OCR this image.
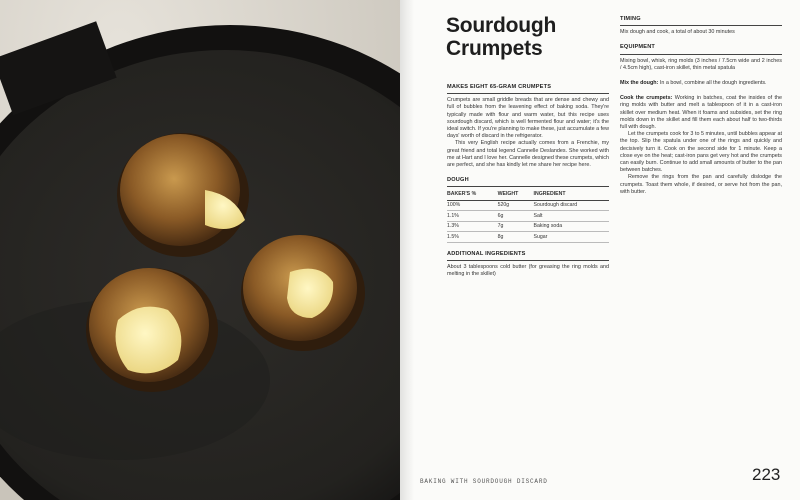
Sourdough
Crumpets
MAKES EIGHT 65-GRAM CRUMPETS

Crumpets are small griddle breads that are dense and chewy and full of bubbles from the leavening effect of baking soda. They're typically made with flour and warm water, but this recipe uses sourdough discard, which is well fermented flour and water; it's the ideal switch. If you're planning to make these, just accumulate a few days' worth of discard in the refrigerator.

This very English recipe actually comes from a Frenchie, my great friend and total legend Cannelle Deslandes. She worked with me at Hart and I love her. Cannelle designed these crumpets, which are perfect, and she has kindly let me share her recipe here.

DOUGH
BAKER'S %	WEIGHT	INGREDIENT
100%	520g	Sourdough discard
1.1%	6g	Salt
1.3%	7g	Baking soda
1.5%	8g	Sugar
ADDITIONAL INGREDIENTS

About 3 tablespoons cold butter (for greasing the ring molds and melting in the skillet)

TIMING

Mix dough and cook, a total of about 30 minutes

EQUIPMENT

Mixing bowl, whisk, ring molds (3 inches / 7.5cm wide and 2 inches / 4.5cm high), cast-iron skillet, thin metal spatula

Mix the dough: In a bowl, combine all the dough ingredients.

Cook the crumpets: Working in batches, coat the insides of the ring molds with butter and melt a tablespoon of it in a cast-iron skillet over medium heat. When it foams and subsides, set the ring molds down in the skillet and fill them each about half to two-thirds full with dough.

Let the crumpets cook for 3 to 5 minutes, until bubbles appear at the top. Slip the spatula under one of the rings and quickly and decisively turn it. Cook on the second side for 1 minute. Keep a close eye on the heat; cast-iron pans get very hot and the crumpets can easily burn. Continue to add small amounts of butter to the pan between batches.

Remove the rings from the pan and carefully dislodge the crumpets. Toast them whole, if desired, or serve hot from the pan, with butter.

BAKING WITH SOURDOUGH DISCARD	223
